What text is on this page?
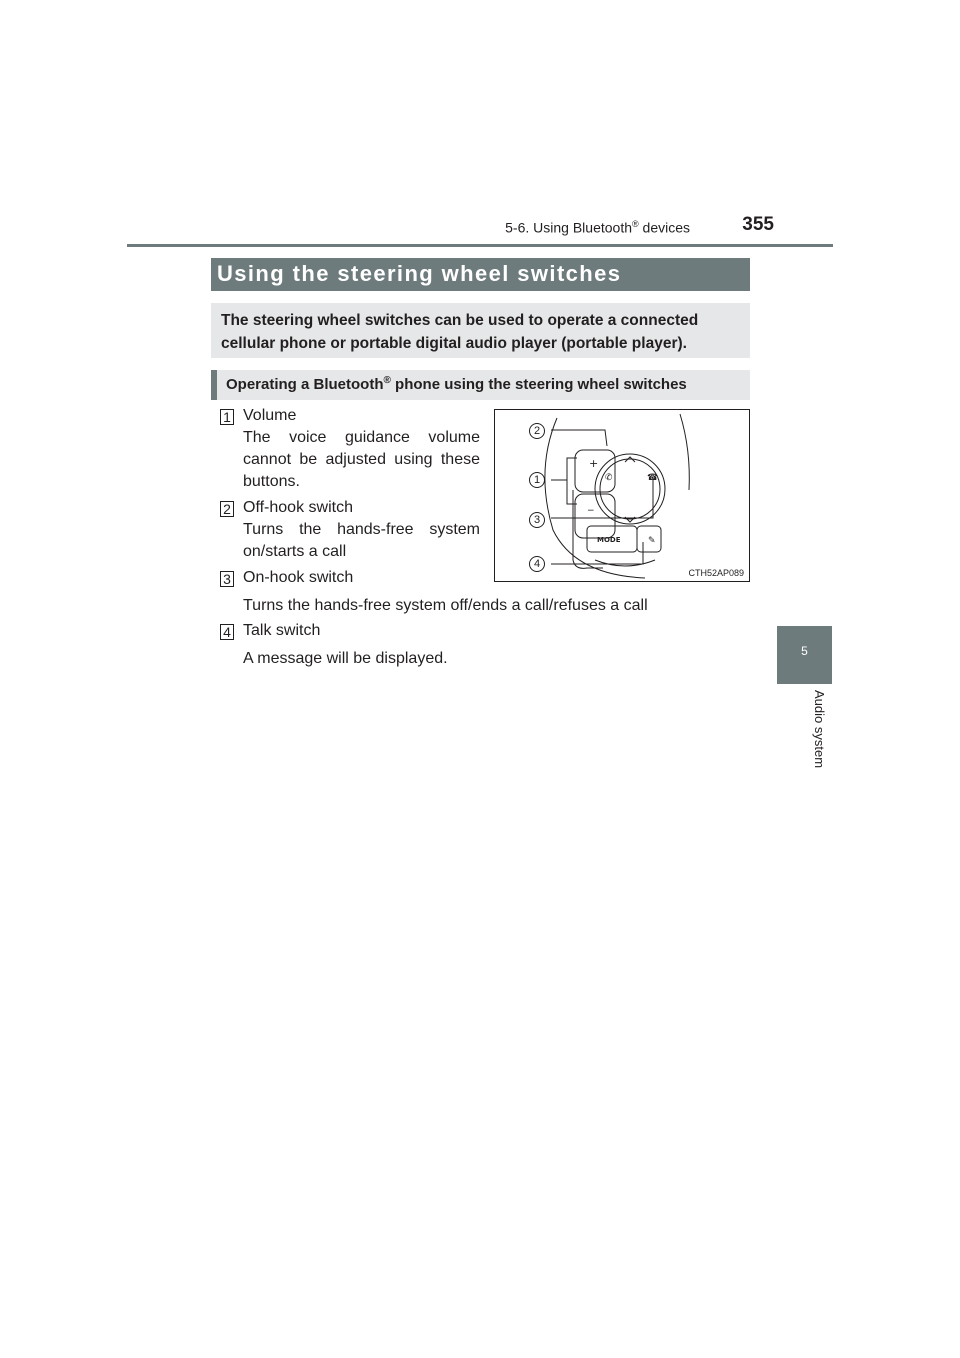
5-6. Using Bluetooth® devices	355
5
Audio system
Using the steering wheel switches
The steering wheel switches can be used to operate a connected cellular phone or portable digital audio player (portable player).
Operating a Bluetooth® phone using the steering wheel switches
1 Volume
The voice guidance volume cannot be adjusted using these buttons.
2 Off-hook switch
Turns the hands-free system on/starts a call
3 On-hook switch
Turns the hands-free system off/ends a call/refuses a call
4 Talk switch
A message will be displayed.
+
−
✆	☎
✎
MODE
2
1
3
4
CTH52AP089
